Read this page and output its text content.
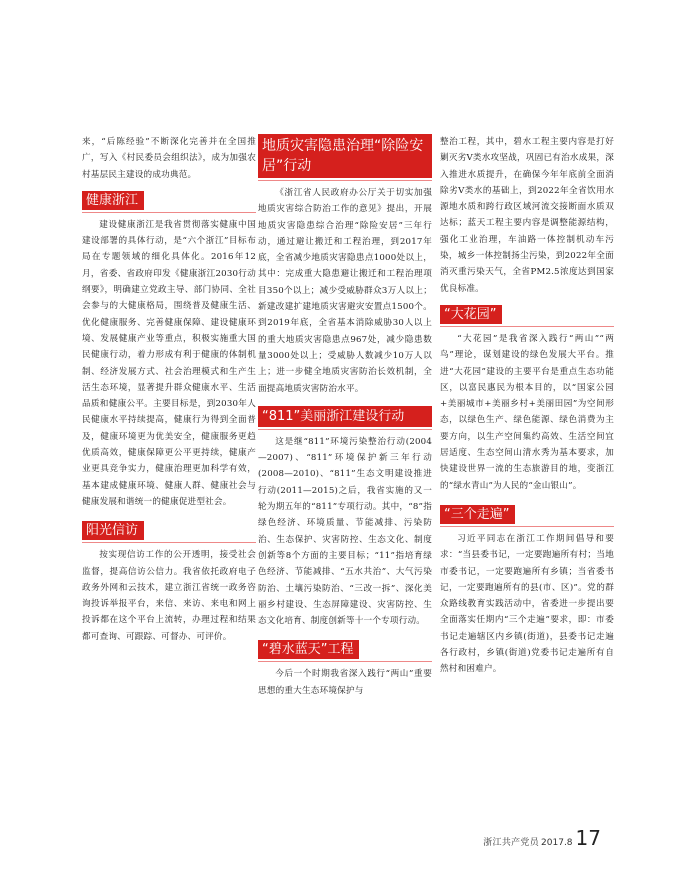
来，“后陈经验”不断深化完善并在全国推广，写入《村民委员会组织法》，成为加强农村基层民主建设的成功典范。

健康浙江

建设健康浙江是我省贯彻落实健康中国建设部署的具体行动，是“六个浙江”目标布局在专题领域的细化具体化。2016年12月，省委、省政府印发《健康浙江2030行动纲要》，明确建立党政主导、部门协同、全社会参与的大健康格局，围绕普及健康生活、优化健康服务、完善健康保障、建设健康环境、发展健康产业等重点，积极实施重大国民健康行动，着力形成有利于健康的体制机制、经济发展方式、社会治理模式和生产生活生态环境，显著提升群众健康水平、生活品质和健康公平。主要目标是，到2030年人民健康水平持续提高，健康行为得到全面普及，健康环境更为优美安全，健康服务更趋优质高效，健康保障更公平更持续，健康产业更具竞争实力，健康治理更加科学有效，基本建成健康环境、健康人群、健康社会与健康发展和谐统一的健康促进型社会。

阳光信访

按实现信访工作的公开透明，接受社会监督，提高信访公信力。我省依托政府电子政务外网和云技术，建立浙江省统一政务咨询投诉举报平台，来信、来访、来电和网上投诉都在这个平台上流转，办理过程和结果都可查询、可跟踪、可督办、可评价。

地质灾害隐患治理“除险安居”行动

《浙江省人民政府办公厅关于切实加强地质灾害综合防治工作的意见》提出，开展地质灾害隐患综合治理“除险安居”三年行动，通过避让搬迁和工程治理，到2017年底，全省减少地质灾害隐患点1000处以上，其中：完成重大隐患避让搬迁和工程治理项目350个以上；减少受威胁群众3万人以上；新建改建扩建地质灾害避灾安置点1500个。到2019年底，全省基本消除威胁30人以上的重大地质灾害隐患点967处，减少隐患数量3000处以上；受威胁人数减少10万人以上；进一步健全地质灾害防治长效机制，全面提高地质灾害防治水平。

“811”美丽浙江建设行动

这是继“811”环境污染整治行动(2004—2007)、“811”环境保护新三年行动(2008—2010)、“811”生态文明建设推进行动(2011—2015)之后，我省实施的又一轮为期五年的“811”专项行动。其中，“8”指绿色经济、环境质量、节能减排、污染防治、生态保护、灾害防控、生态文化、制度创新等8个方面的主要目标；“11”指培育绿色经济、节能减排、“五水共治”、大气污染防治、土壤污染防治、“三改一拆”、深化美丽乡村建设、生态屏障建设、灾害防控、生态文化培育、制度创新等十一个专项行动。

“碧水蓝天”工程

今后一个时期我省深入践行“两山”重要思想的重大生态环境保护与

整治工程，其中，碧水工程主要内容是打好剿灭劣Ⅴ类水攻坚战，巩固已有治水成果，深入推进水质提升，在确保今年年底前全面消除劣Ⅴ类水的基础上，到2022年全省饮用水源地水质和跨行政区域河流交接断面水质双达标；蓝天工程主要内容是调整能源结构，强化工业治理，车油路一体控制机动车污染，城乡一体控制扬尘污染，到2022年全面消灭重污染天气，全省PM2.5浓度达到国家优良标准。

“大花园”

“大花园”是我省深入践行“两山”“两鸟”理论，谋划建设的绿色发展大平台。推进“大花园”建设的主要平台是重点生态功能区，以富民惠民为根本目的，以“国家公园+美丽城市+美丽乡村+美丽田园”为空间形态，以绿色生产、绿色能源、绿色消费为主要方向，以生产空间集约高效、生活空间宜居适度、生态空间山清水秀为基本要求，加快建设世界一流的生态旅游目的地，变浙江的“绿水青山”为人民的“金山银山”。

“三个走遍”

习近平同志在浙江工作期间倡导和要求：“当县委书记，一定要跑遍所有村；当地市委书记，一定要跑遍所有乡镇；当省委书记，一定要跑遍所有的县(市、区)”。党的群众路线教育实践活动中，省委进一步提出要全面落实任期内“三个走遍”要求，即：市委书记走遍辖区内乡镇(街道)，县委书记走遍各行政村，乡镇(街道)党委书记走遍所有自然村和困难户。

浙江共产党员 2017.8 17
